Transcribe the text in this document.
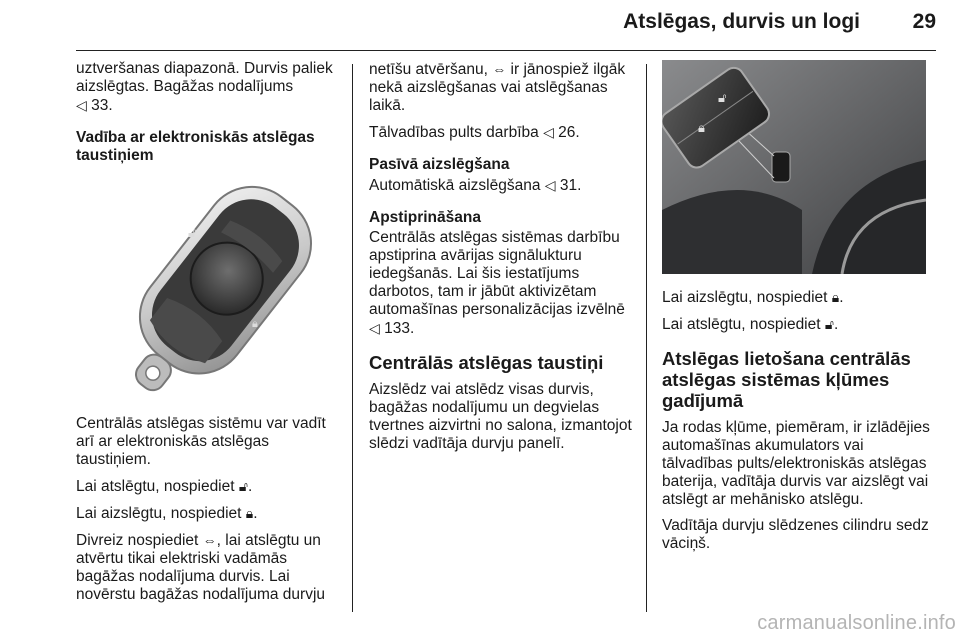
Atslēgas, durvis un logi	29

uztveršanas diapazonā. Durvis paliek aizslēgtas. Bagāžas nodalījums
◁ 33.

Vadība ar elektroniskās atslēgas taustiņiem
🔓︎
🔒︎

Centrālās atslēgas sistēmu var vadīt arī ar elektroniskās atslēgas taustiņiem.

Lai atslēgtu, nospiediet 🔓︎.

Lai aizslēgtu, nospiediet 🔒︎.

Divreiz nospiediet ⇔, lai atslēgtu un atvērtu tikai elektriski vadāmās bagāžas nodalījuma durvis. Lai novērstu bagāžas nodalījuma durvju

netīšu atvēršanu, ⇔ ir jānospiež ilgāk nekā aizslēgšanas vai atslēgšanas laikā.

Tālvadības pults darbība ◁ 26.

Pasīvā aizslēgšana

Automātiskā aizslēgšana ◁ 31.

Apstiprināšana

Centrālās atslēgas sistēmas darbību apstiprina avārijas signālukturu iedegšanās. Lai šis iestatījums darbotos, tam ir jābūt aktivizētam automašīnas personalizācijas izvēlnē
◁ 133.

Centrālās atslēgas taustiņi

Aizslēdz vai atslēdz visas durvis, bagāžas nodalījumu un degvielas tvertnes aizvirtni no salona, izmantojot slēdzi vadītāja durvju panelī.

🔓︎
🔒︎

Lai aizslēgtu, nospiediet 🔒︎.

Lai atslēgtu, nospiediet 🔓︎.

Atslēgas lietošana centrālās atslēgas sistēmas kļūmes gadījumā

Ja rodas kļūme, piemēram, ir izlādējies automašīnas akumulators vai tālvadības pults/elektroniskās atslēgas baterija, vadītāja durvis var aizslēgt vai atslēgt ar mehānisko atslēgu.

Vadītāja durvju slēdzenes cilindru sedz vāciņš.

carmanualsonline.info
